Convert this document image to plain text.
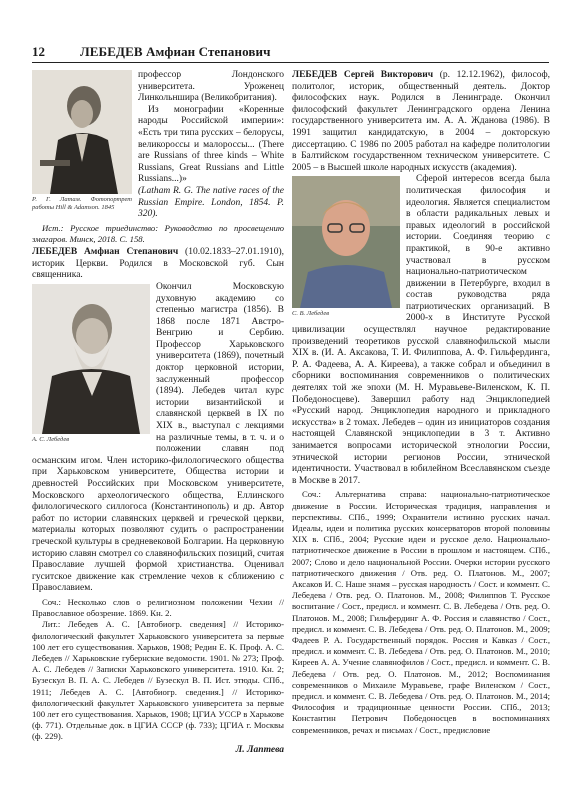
12	ЛЕБЕДЕВ Амфиан Степанович
Р. Г. Латам. Фотопортрет работы Hill & Adamson. 1845

профессор Лондонского университета. Уроженец Линкольншира (Великобритания).

Из монографии «Коренные народы Российской империи»: «Есть три типа русских – белорусы, великороссы и малороссы... (There are Russians of three kinds – White Russians, Great Russians and Little Russians...)»

(Latham R. G. The native races of the Russian Empire. London, 1854. P. 320).

Ист.: Русское триединство: Руководство по просвещению змагаров. Минск, 2018. С. 158.

ЛЕБЕДЕВ Амфиан Степанович (10.02.1833–27.01.1910), историк Церкви. Родился в Московской губ. Сын священника.

А. С. Лебедев

Окончил Московскую духовную академию со степенью магистра (1856). В 1868 после 1871 Австро-Венгрию и Сербию. Профессор Харьковского университета (1869), почетный доктор церковной истории, заслуженный профессор (1894). Лебедев читал курс истории византийской и славянской церквей в IX по XIX в., выступал с лекциями на различные темы, в т. ч. и о положении славян под османским игом. Член историко-филологического общества при Харьковском университете, Общества истории и древностей Российских при Московском университете, Московского археологического общества, Еллинского филологического силлогоса (Константинополь) и др. Автор работ по истории славянских церквей и греческой церкви, материалы которых позволяют судить о распространении греческой культуры в средневековой Болгарии. На церковную историю славян смотрел со славянофильских позиций, считая Православие лучшей формой христианства. Оценивал гуситское движение как стремление чехов к сближению с Православием.

Соч.: Несколько слов о религиозном положении Чехии // Православное обозрение. 1869. Кн. 2.

Лит.: Лебедев А. С. [Автобиогр. сведения] // Историко-филологический факультет Харьковского университета за первые 100 лет его существования. Харьков, 1908; Редин Е. К. Проф. А. С. Лебедев // Харьковские губернские ведомости. 1901. № 273; Проф. А. С. Лебедев // Записки Харьковского университета. 1910. Кн. 2; Бузескул В. П. А. С. Лебедев // Бузескул В. П. Ист. этюды. СПб., 1911; Лебедев А. С. [Автобиогр. сведения.] // Историко-филологический факультет Харьковского университета за первые 100 лет его существования. Харьков, 1908; ЦГИА УССР в Харькове (ф. 771). Отдельные док. в ЦГИА СССР (ф. 733); ЦГИА г. Москвы (ф. 229).

Л. Лаптева

ЛЕБЕДЕВ Сергей Викторович (р. 12.12.1962), философ, политолог, историк, общественный деятель. Доктор философских наук. Родился в Ленинграде. Окончил философский факультет Ленинградского ордена Ленина государственного университета им. А. А. Жданова (1986). В 1991 защитил кандидатскую, в 2004 – докторскую диссертацию. С 1986 по 2005 работал на кафедре политологии в Балтийском государственном техническом университете. С 2005 – в Высшей школе народных искусств (академия).

С. В. Лебедев

Сферой интересов всегда была политическая философия и идеология. Является специалистом в области радикальных левых и правых идеологий в российской истории. Соединяя теорию с практикой, в 90-е активно участвовал в русском национально-патриотическом движении в Петербурге, входил в состав руководства ряда патриотических организаций. В 2000-х в Институте Русской цивилизации осуществлял научное редактирование произведений теоретиков русской славянофильской мысли XIX в. (И. А. Аксакова, Т. И. Филиппова, А. Ф. Гильфердинга, Р. А. Фадеева, А. А. Киреева), а также собрал и объединил в сборники воспоминания современников о политических деятелях той же эпохи (М. Н. Муравьеве-Виленском, К. П. Победоносцеве). Завершил работу над Энциклопедией «Русский народ. Энциклопедия народного и прикладного искусства» в 2 томах. Лебедев – один из инициаторов создания настоящей Славянской энциклопедии в 3 т. Активно занимается вопросами исторической этнологии России, этнической истории регионов России, этнической идентичности. Участвовал в юбилейном Всеславянском съезде в Москве в 2017.

Соч.: Альтернатива справа: национально-патриотическое движение в России. Историческая традиция, направления и перспективы. СПб., 1999; Охранители истинно русских начал. Идеалы, идеи и политика русских консерваторов второй половины XIX в. СПб., 2004; Русские идеи и русское дело. Национально-патриотическое движение в России в прошлом и настоящем. СПб., 2007; Слово и дело национальной России. Очерки истории русского патриотического движения / Отв. ред. О. Платонов. М., 2007; Аксаков И. С. Наше знамя – русская народность / Сост. и коммент. С. Лебедева / Отв. ред. О. Платонов. М., 2008; Филиппов Т. Русское воспитание / Сост., предисл. и коммент. С. В. Лебедева / Отв. ред. О. Платонов. М., 2008; Гильфердинг А. Ф. Россия и славянство / Сост., предисл. и коммент. С. В. Лебедева / Отв. ред. О. Платонов. М., 2009; Фадеев Р. А. Государственный порядок. Россия и Кавказ / Сост., предисл. и коммент. С. В. Лебедева / Отв. ред. О. Платонов. М., 2010; Киреев А. А. Учение славянофилов / Сост., предисл. и коммент. С. В. Лебедева / Отв. ред. О. Платонов. М., 2012; Воспоминания современников о Михаиле Муравьеве, графе Виленском / Сост., предисл. и коммент. С. В. Лебедева / Отв. ред. О. Платонов. М., 2014; Философия и традиционные ценности России. СПб., 2013; Константин Петрович Победоносцев в воспоминаниях современников, речах и письмах / Сост., предисловие
